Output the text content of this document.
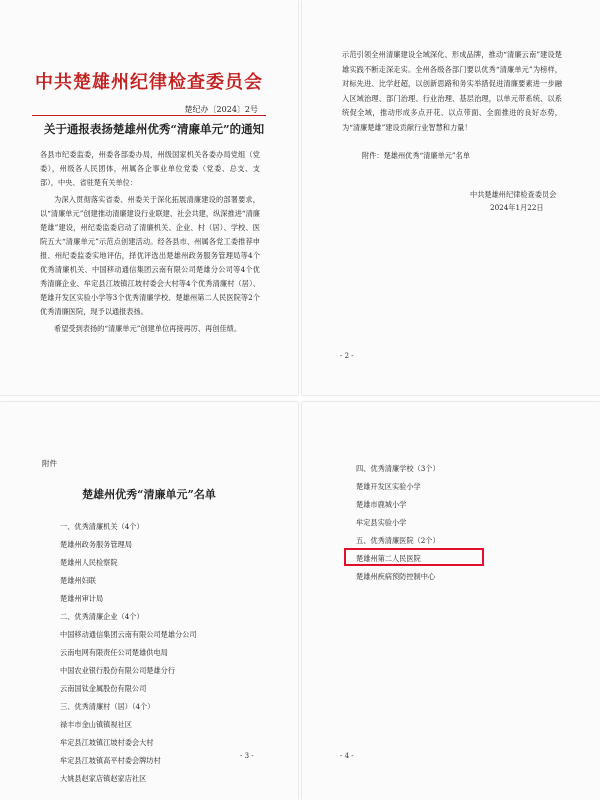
中共楚雄州纪律检查委员会
楚纪办〔2024〕2号
关于通报表扬楚雄州优秀“清廉单元”的通知
各县市纪委监委，州委各部委办局，州级国家机关各委办局党组（党委），州级各人民团体，州属各企事业单位党委（党委、总支、支部），中央、省驻楚有关单位：
为深入贯彻落实省委、州委关于深化拓展清廉建设的部署要求，以“清廉单元”创建推动清廉建设行业联建、社会共建，纵深推进“清廉楚雄”建设，州纪委监委启动了清廉机关、企业、村（居）、学校、医院五大“清廉单元”示范点创建活动。经各县市、州属各党工委推荐申报、州纪委监委实地评估，择优评选出楚雄州政务服务管理局等4个优秀清廉机关、中国移动通信集团云南有限公司楚雄分公司等4个优秀清廉企业、牟定县江坡镇江坡村委会大村等4个优秀清廉村（居）、楚雄开发区实验小学等3个优秀清廉学校、楚雄州第二人民医院等2个优秀清廉医院，现予以通报表扬。
希望受到表扬的“清廉单元”创建单位再接再厉、再创佳绩。
示范引领全州清廉建设全域深化、形成品牌，推动“清廉云南”建设楚雄实践不断走深走实。全州各级各部门要以优秀“清廉单元”为榜样，对标先进、比学赶超，以创新思路和务实举措促进清廉要素进一步融入区域治理、部门治理、行业治理、基层治理，以单元带系统、以系统促全域，推动形成多点开花、以点带面、全面推进的良好态势，为“清廉楚雄”建设贡献行业智慧和力量！
附件：楚雄州优秀“清廉单元”名单
中共楚雄州纪律检查委员会
2024年1月22日
- 2 -
附件
楚雄州优秀“清廉单元”名单
一、优秀清廉机关（4个）
楚雄州政务服务管理局
楚雄州人民检察院
楚雄州妇联
楚雄州审计局
二、优秀清廉企业（4个）
中国移动通信集团云南有限公司楚雄分公司
云南电网有限责任公司楚雄供电局
中国农业银行股份有限公司楚雄分行
云南国钛金属股份有限公司
三、优秀清廉村（居）（4个）
禄丰市金山镇镇视社区
牟定县江坡镇江坡村委会大村
牟定县江坡镇高平村委会牌坊村
大姚县赵家店镇赵家店社区
- 3 -
四、优秀清廉学校（3个）
楚雄开发区实验小学
楚雄市鹿城小学
牟定县实验小学
五、优秀清廉医院（2个）
楚雄州第二人民医院
楚雄州疾病预防控制中心
- 4 -
